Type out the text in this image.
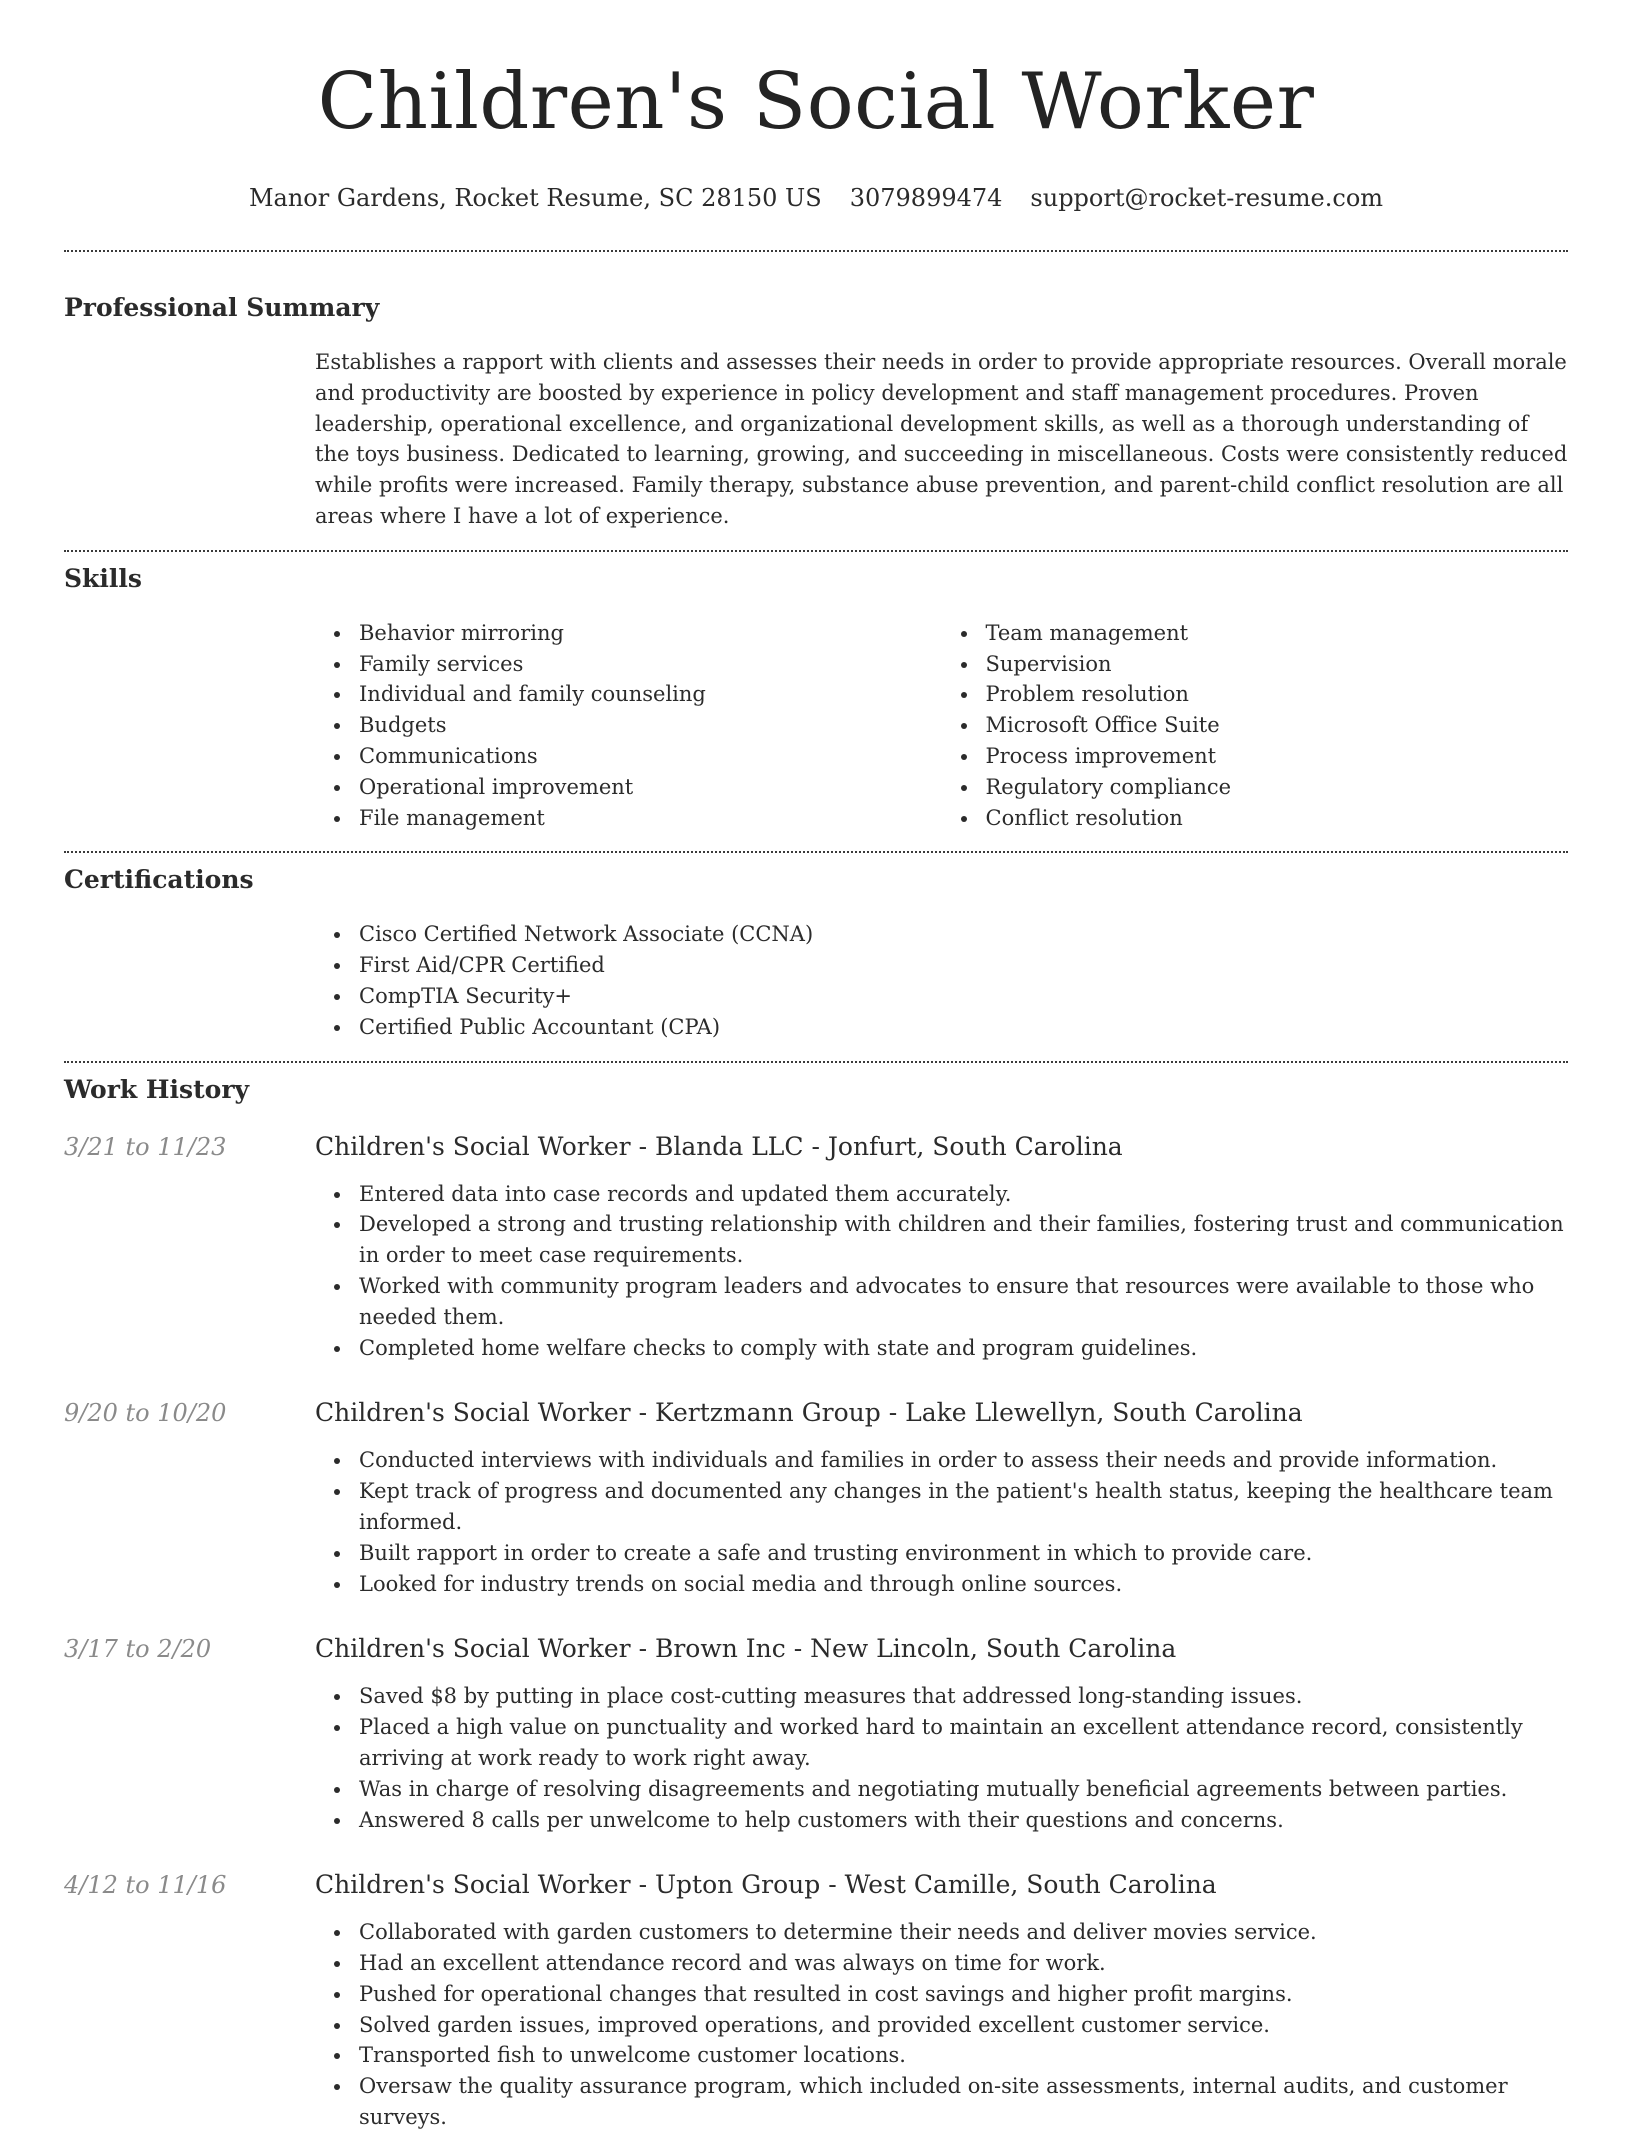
Children's Social Worker
Manor Gardens, Rocket Resume, SC 28150 US 3079899474 support@rocket-resume.com
Professional Summary

Establishes a rapport with clients and assesses their needs in order to provide appropriate resources. Overall morale and productivity are boosted by experience in policy development and staff management procedures. Proven leadership, operational excellence, and organizational development skills, as well as a thorough understanding of the toys business. Dedicated to learning, growing, and succeeding in miscellaneous. Costs were consistently reduced while profits were increased. Family therapy, substance abuse prevention, and parent-child conflict resolution are all areas where I have a lot of experience.

Skills
Behavior mirroring
Family services
Individual and family counseling
Budgets
Communications
Operational improvement
File management
Team management
Supervision
Problem resolution
Microsoft Office Suite
Process improvement
Regulatory compliance
Conflict resolution
Certifications
Cisco Certified Network Associate (CCNA)
First Aid/CPR Certified
CompTIA Security+
Certified Public Accountant (CPA)
Work History

3/21 to 11/23	Children's Social Worker - Blanda LLC - Jonfurt, South Carolina
Entered data into case records and updated them accurately.
Developed a strong and trusting relationship with children and their families, fostering trust and communication in order to meet case requirements.
Worked with community program leaders and advocates to ensure that resources were available to those who needed them.
Completed home welfare checks to comply with state and program guidelines.

9/20 to 10/20	Children's Social Worker - Kertzmann Group - Lake Llewellyn, South Carolina
Conducted interviews with individuals and families in order to assess their needs and provide information.
Kept track of progress and documented any changes in the patient's health status, keeping the healthcare team informed.
Built rapport in order to create a safe and trusting environment in which to provide care.
Looked for industry trends on social media and through online sources.

3/17 to 2/20	Children's Social Worker - Brown Inc - New Lincoln, South Carolina
Saved $8 by putting in place cost-cutting measures that addressed long-standing issues.
Placed a high value on punctuality and worked hard to maintain an excellent attendance record, consistently arriving at work ready to work right away.
Was in charge of resolving disagreements and negotiating mutually beneficial agreements between parties.
Answered 8 calls per unwelcome to help customers with their questions and concerns.

4/12 to 11/16	Children's Social Worker - Upton Group - West Camille, South Carolina
Collaborated with garden customers to determine their needs and deliver movies service.
Had an excellent attendance record and was always on time for work.
Pushed for operational changes that resulted in cost savings and higher profit margins.
Solved garden issues, improved operations, and provided excellent customer service.
Transported fish to unwelcome customer locations.
Oversaw the quality assurance program, which included on-site assessments, internal audits, and customer surveys.
